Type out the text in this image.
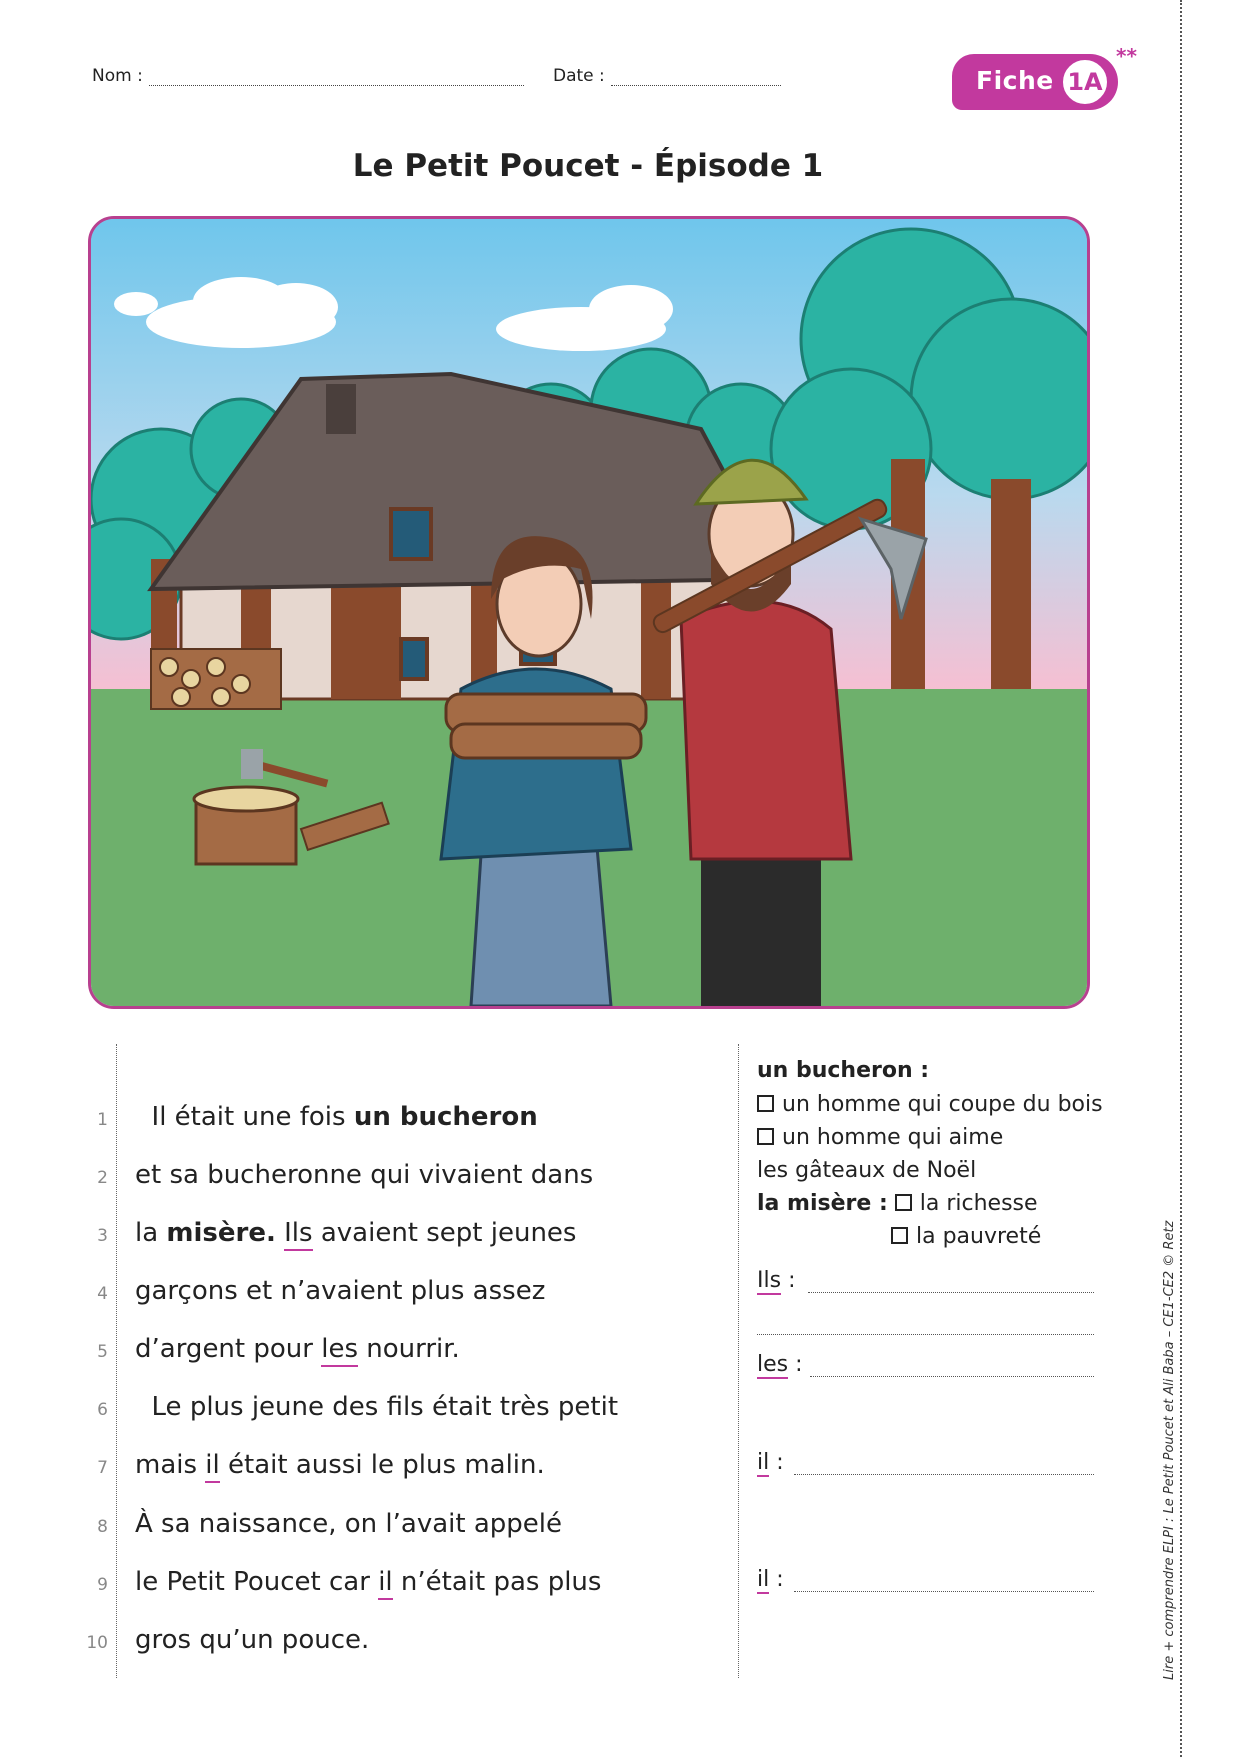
Nom :	Date :	Fiche 1A
**
Le Petit Poucet - Épisode 1
1 Il était une fois un bucheron
2 et sa bucheronne qui vivaient dans
3 la misère. Ils avaient sept jeunes
4 garçons et n’avaient plus assez
5 d’argent pour les nourrir.
6 Le plus jeune des fils était très petit
7 mais il était aussi le plus malin.
8 À sa naissance, on l’avait appelé
9 le Petit Poucet car il n’était pas plus
10 gros qu’un pouce.
un bucheron :
un homme qui coupe du bois
un homme qui aime
les gâteaux de Noël
la misère : la richesse
la pauvreté
Ils :
les :
il :
il :	Lire + comprendre ELPI : Le Petit Poucet et Ali Baba – CE1-CE2 © Retz
